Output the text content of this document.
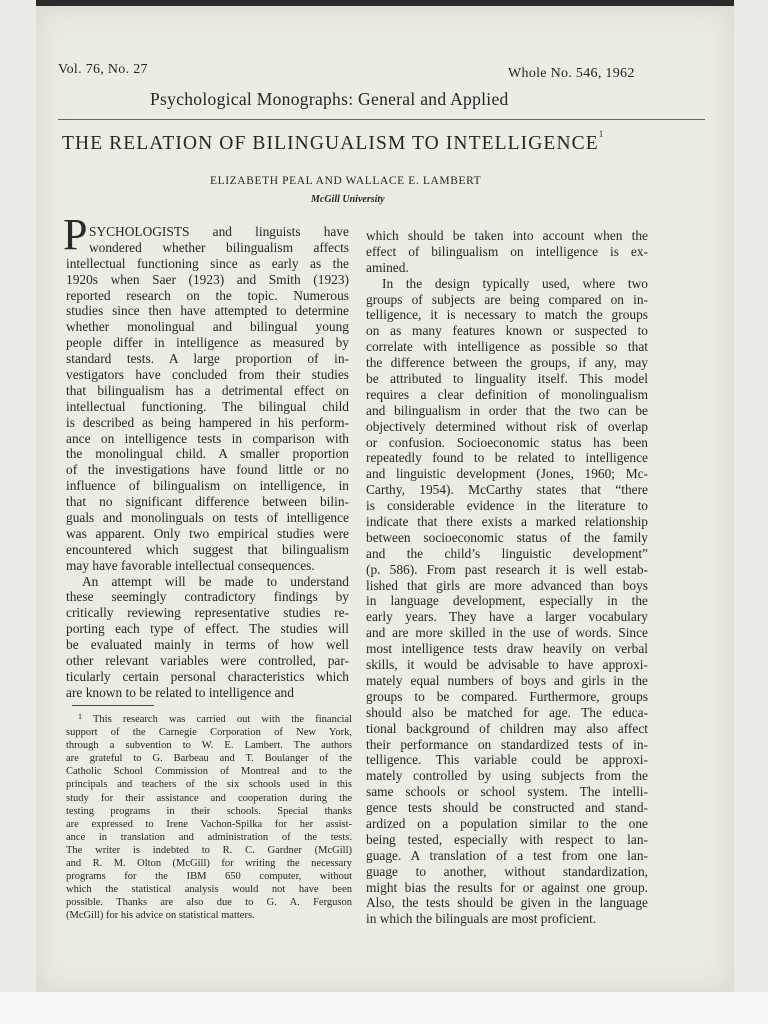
Vol. 76, No. 27	Whole No. 546, 1962
Psychological Monographs: General and Applied
THE RELATION OF BILINGUALISM TO INTELLIGENCE$^1$
ELIZABETH PEAL AND WALLACE E. LAMBERT
McGill University
P SYCHOLOGISTS and linguists have
wondered whether bilingualism affects
intellectual functioning since as early as the
1920s when Saer (1923) and Smith (1923)
reported research on the topic. Numerous
studies since then have attempted to determine
whether monolingual and bilingual young
people differ in intelligence as measured by
standard tests. A large proportion of in-
vestigators have concluded from their studies
that bilingualism has a detrimental effect on
intellectual functioning. The bilingual child
is described as being hampered in his perform-
ance on intelligence tests in comparison with
the monolingual child. A smaller proportion
of the investigations have found little or no
influence of bilingualism on intelligence, in
that no significant difference between bilin-
guals and monolinguals on tests of intelligence
was apparent. Only two empirical studies were
encountered which suggest that bilingualism
may have favorable intellectual consequences.
An attempt will be made to understand
these seemingly contradictory findings by
critically reviewing representative studies re-
porting each type of effect. The studies will
be evaluated mainly in terms of how well
other relevant variables were controlled, par-
ticularly certain personal characteristics which
are known to be related to intelligence and
which should be taken into account when the
effect of bilingualism on intelligence is ex-
amined.
In the design typically used, where two
groups of subjects are being compared on in-
telligence, it is necessary to match the groups
on as many features known or suspected to
correlate with intelligence as possible so that
the difference between the groups, if any, may
be attributed to linguality itself. This model
requires a clear definition of monolingualism
and bilingualism in order that the two can be
objectively determined without risk of overlap
or confusion. Socioeconomic status has been
repeatedly found to be related to intelligence
and linguistic development (Jones, 1960; Mc-
Carthy, 1954). McCarthy states that “there
is considerable evidence in the literature to
indicate that there exists a marked relationship
between socioeconomic status of the family
and the child’s linguistic development”
(p. 586). From past research it is well estab-
lished that girls are more advanced than boys
in language development, especially in the
early years. They have a larger vocabulary
and are more skilled in the use of words. Since
most intelligence tests draw heavily on verbal
skills, it would be advisable to have approxi-
mately equal numbers of boys and girls in the
groups to be compared. Furthermore, groups
should also be matched for age. The educa-
tional background of children may also affect
their performance on standardized tests of in-
telligence. This variable could be approxi-
mately controlled by using subjects from the
same schools or school system. The intelli-
gence tests should be constructed and stand-
ardized on a population similar to the one
being tested, especially with respect to lan-
guage. A translation of a test from one lan-
guage to another, without standardization,
might bias the results for or against one group.
Also, the tests should be given in the language
in which the bilinguals are most proficient.
$^1$ This research was carried out with the financial
support of the Carnegie Corporation of New York,
through a subvention to W. E. Lambert. The authors
are grateful to G. Barbeau and T. Boulanger of the
Catholic School Commission of Montreal and to the
principals and teachers of the six schools used in this
study for their assistance and cooperation during the
testing programs in their schools. Special thanks
are expressed to Irene Vachon-Spilka for her assist-
ance in translation and administration of the tests.
The writer is indebted to R. C. Gardner (McGill)
and R. M. Olton (McGill) for writing the necessary
programs for the IBM 650 computer, without
which the statistical analysis would not have been
possible. Thanks are also due to G. A. Ferguson
(McGill) for his advice on statistical matters.
